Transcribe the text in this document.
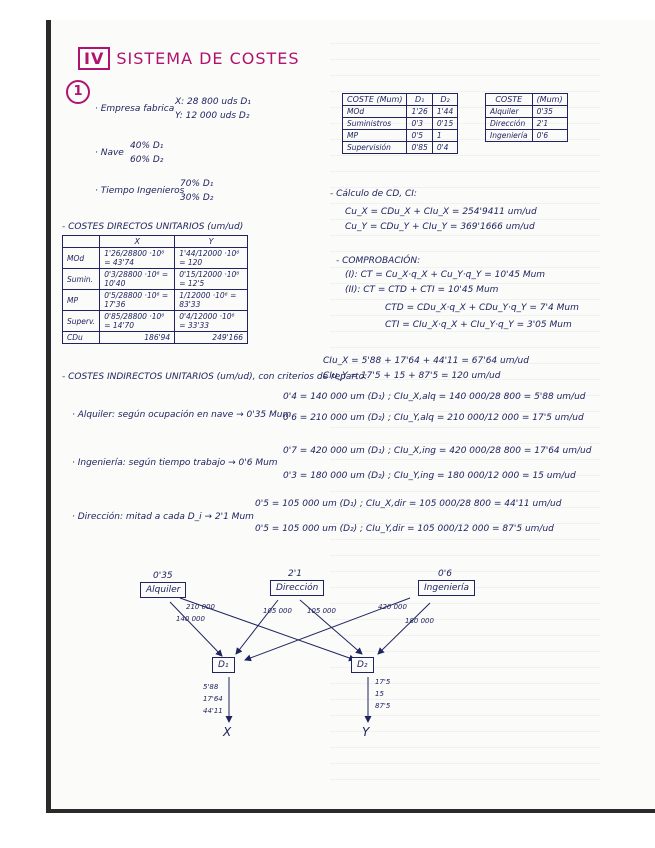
IV SISTEMA DE COSTES
1
· Empresa fabrica
X: 28 800 uds D₁
Y: 12 000 uds D₂
· Nave
40% D₁
60% D₂
· Tiempo Ingenieros
70% D₁
30% D₂
COSTE (Mum)	D₁	D₂
MOd	1'26	1'44
Suministros	0'3	0'15
MP	0'5	1
Supervisión	0'85	0'4
COSTE	(Mum)
Alquiler	0'35
Dirección	2'1
Ingeniería	0'6
- COSTES DIRECTOS UNITARIOS (um/ud)
	X	Y
MOd	1'26/28800 ·10⁶ = 43'74	1'44/12000 ·10⁶ = 120
Sumin.	0'3/28800 ·10⁶ = 10'40	0'15/12000 ·10⁶ = 12'5
MP	0'5/28800 ·10⁶ = 17'36	1/12000 ·10⁶ = 83'33
Superv.	0'85/28800 ·10⁶ = 14'70	0'4/12000 ·10⁶ = 33'33
CDu	186'94	249'166
- Cálculo de CD, CI:
Cu_X = CDu_X + CIu_X = 254'9411 um/ud
Cu_Y = CDu_Y + CIu_Y = 369'1666 um/ud
- COMPROBACIÓN:
(I): CT = Cu_X·q_X + Cu_Y·q_Y = 10'45 Mum
(II): CT = CTD + CTI = 10'45 Mum
CTD = CDu_X·q_X + CDu_Y·q_Y = 7'4 Mum
CTI = CIu_X·q_X + CIu_Y·q_Y = 3'05 Mum
- COSTES INDIRECTOS UNITARIOS (um/ud), con criterios de reparto:
CIu_X = 5'88 + 17'64 + 44'11 = 67'64 um/ud
CIu_Y = 17'5 + 15 + 87'5 = 120 um/ud
· Alquiler: según ocupación en nave → 0'35 Mum
0'4 = 140 000 um (D₁) ; CIu_X,alq = 140 000/28 800 = 5'88 um/ud
0'6 = 210 000 um (D₂) ; CIu_Y,alq = 210 000/12 000 = 17'5 um/ud
· Ingeniería: según tiempo trabajo → 0'6 Mum
0'7 = 420 000 um (D₁) ; CIu_X,ing = 420 000/28 800 = 17'64 um/ud
0'3 = 180 000 um (D₂) ; CIu_Y,ing = 180 000/12 000 = 15 um/ud
· Dirección: mitad a cada D_i → 2'1 Mum
0'5 = 105 000 um (D₁) ; CIu_X,dir = 105 000/28 800 = 44'11 um/ud
0'5 = 105 000 um (D₂) ; CIu_Y,dir = 105 000/12 000 = 87'5 um/ud
0'35
Alquiler
2'1
Dirección
0'6
Ingeniería
D₁	D₂
210 000
140 000
105 000 105 000	420 000
180 000
5'88
17'64
44'11
17'5
15
87'5
X	Y
